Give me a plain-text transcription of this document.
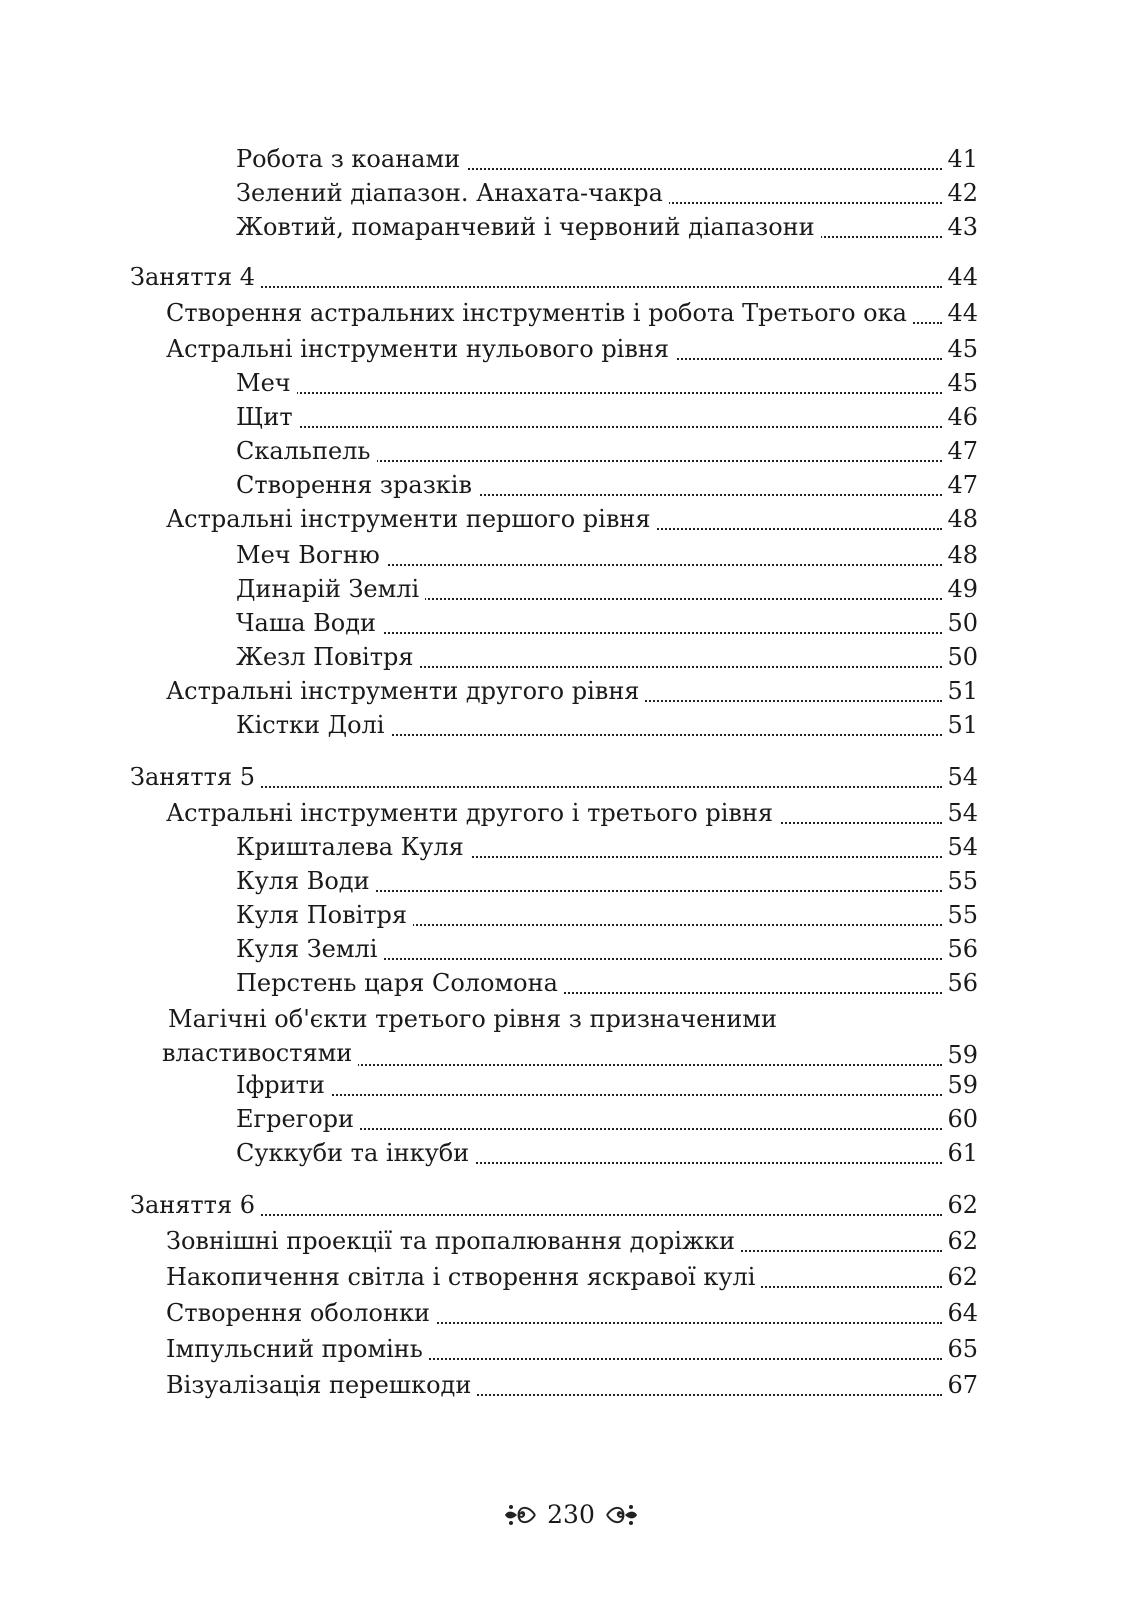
Робота з коанами	41
Зелений діапазон. Анахата-чакра	42
Жовтий, помаранчевий і червоний діапазони	43
Заняття 4	44
Створення астральних інструментів і робота Третього ока 44
Астральні інструменти нульового рівня	45
Меч	45
Щит	46
Скальпель	47
Створення зразків	47
Астральні інструменти першого рівня	48
Меч Вогню	48
Динарій Землі	49
Чаша Води	50
Жезл Повітря	50
Астральні інструменти другого рівня	51
Кістки Долі	51
Заняття 5	54
Астральні інструменти другого і третього рівня	54
Кришталева Куля	54
Куля Води	55
Куля Повітря	55
Куля Землі	56
Перстень царя Соломона	56
Магічні об'єкти третього рівня з призначеними
властивостями	59
Іфрити	59
Егрегори	60
Суккуби та інкуби	61
Заняття 6	62
Зовнішні проекції та пропалювання доріжки	62
Накопичення світла і створення яскравої кулі	62
Створення оболонки	64
Імпульсний промінь	65
Візуалізація перешкоди	67
230
